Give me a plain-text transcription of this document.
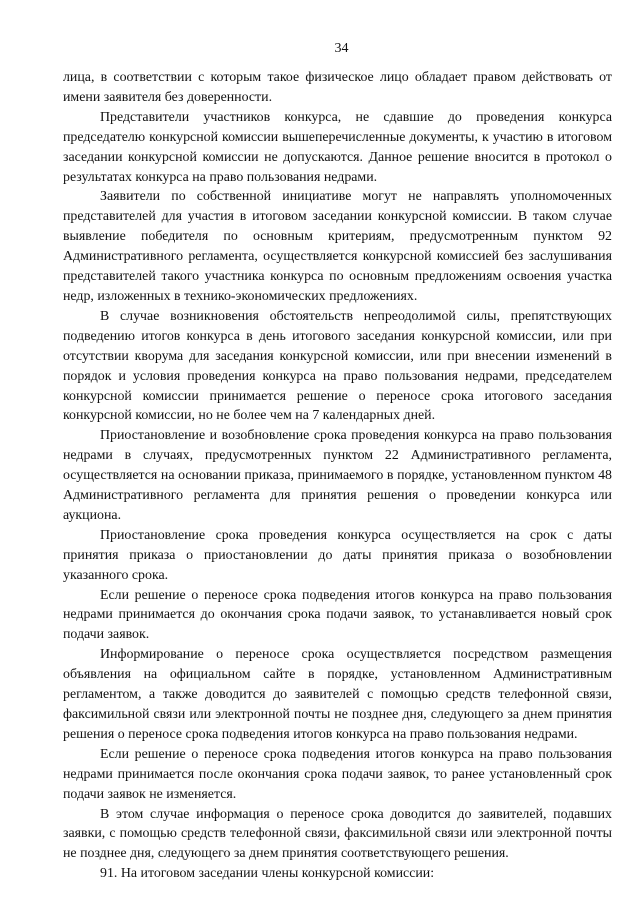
34

лица, в соответствии с которым такое физическое лицо обладает правом действовать от имени заявителя без доверенности.

Представители участников конкурса, не сдавшие до проведения конкурса председателю конкурсной комиссии вышеперечисленные документы, к участию в итоговом заседании конкурсной комиссии не допускаются. Данное решение вносится в протокол о результатах конкурса на право пользования недрами.

Заявители по собственной инициативе могут не направлять уполномоченных представителей для участия в итоговом заседании конкурсной комиссии. В таком случае выявление победителя по основным критериям, предусмотренным пунктом 92 Административного регламента, осуществляется конкурсной комиссией без заслушивания представителей такого участника конкурса по основным предложениям освоения участка недр, изложенных в технико-экономических предложениях.

В случае возникновения обстоятельств непреодолимой силы, препятствующих подведению итогов конкурса в день итогового заседания конкурсной комиссии, или при отсутствии кворума для заседания конкурсной комиссии, или при внесении изменений в порядок и условия проведения конкурса на право пользования недрами, председателем конкурсной комиссии принимается решение о переносе срока итогового заседания конкурсной комиссии, но не более чем на 7 календарных дней.

Приостановление и возобновление срока проведения конкурса на право пользования недрами в случаях, предусмотренных пунктом 22 Административного регламента, осуществляется на основании приказа, принимаемого в порядке, установленном пунктом 48 Административного регламента для принятия решения о проведении конкурса или аукциона.

Приостановление срока проведения конкурса осуществляется на срок с даты принятия приказа о приостановлении до даты принятия приказа о возобновлении указанного срока.

Если решение о переносе срока подведения итогов конкурса на право пользования недрами принимается до окончания срока подачи заявок, то устанавливается новый срок подачи заявок.

Информирование о переносе срока осуществляется посредством размещения объявления на официальном сайте в порядке, установленном Административным регламентом, а также доводится до заявителей с помощью средств телефонной связи, факсимильной связи или электронной почты не позднее дня, следующего за днем принятия решения о переносе срока подведения итогов конкурса на право пользования недрами.

Если решение о переносе срока подведения итогов конкурса на право пользования недрами принимается после окончания срока подачи заявок, то ранее установленный срок подачи заявок не изменяется.

В этом случае информация о переносе срока доводится до заявителей, подавших заявки, с помощью средств телефонной связи, факсимильной связи или электронной почты не позднее дня, следующего за днем принятия соответствующего решения.

91. На итоговом заседании члены конкурсной комиссии:
